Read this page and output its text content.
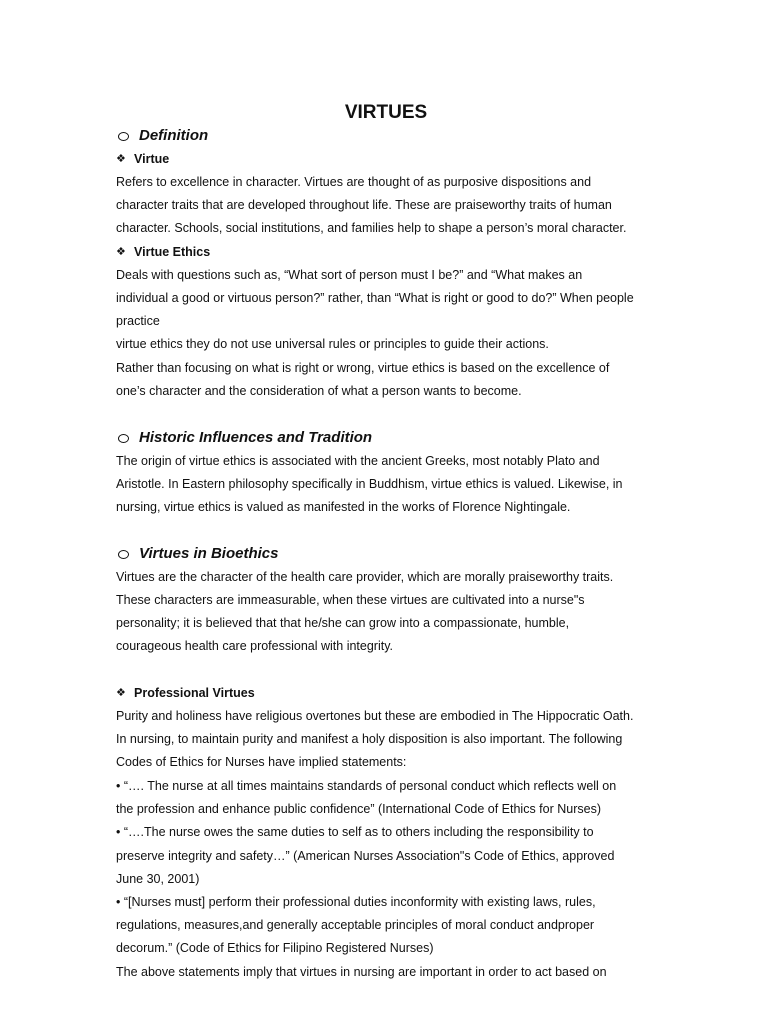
VIRTUES
Definition
❖ Virtue
Refers to excellence in character. Virtues are thought of as purposive dispositions and
character traits that are developed throughout life. These are praiseworthy traits of human
character. Schools, social institutions, and families help to shape a person’s moral character.
❖ Virtue Ethics
Deals with questions such as, “What sort of person must I be?” and “What makes an
individual a good or virtuous person?” rather, than “What is right or good to do?” When people
practice
virtue ethics they do not use universal rules or principles to guide their actions.
Rather than focusing on what is right or wrong, virtue ethics is based on the excellence of
one’s character and the consideration of what a person wants to become.
Historic Influences and Tradition
The origin of virtue ethics is associated with the ancient Greeks, most notably Plato and
Aristotle. In Eastern philosophy specifically in Buddhism, virtue ethics is valued. Likewise, in
nursing, virtue ethics is valued as manifested in the works of Florence Nightingale.
Virtues in Bioethics
Virtues are the character of the health care provider, which are morally praiseworthy traits.
These characters are immeasurable, when these virtues are cultivated into a nurse"s
personality; it is believed that that he/she can grow into a compassionate, humble,
courageous health care professional with integrity.
❖ Professional Virtues
Purity and holiness have religious overtones but these are embodied in The Hippocratic Oath.
In nursing, to maintain purity and manifest a holy disposition is also important. The following
Codes of Ethics for Nurses have implied statements:
• “…. The nurse at all times maintains standards of personal conduct which reflects well on
the profession and enhance public confidence” (International Code of Ethics for Nurses)
• “….The nurse owes the same duties to self as to others including the responsibility to
preserve integrity and safety…” (American Nurses Association"s Code of Ethics, approved
June 30, 2001)
• “[Nurses must] perform their professional duties inconformity with existing laws, rules,
regulations, measures,and generally acceptable principles of moral conduct andproper
decorum.” (Code of Ethics for Filipino Registered Nurses)
The above statements imply that virtues in nursing are important in order to act based on
